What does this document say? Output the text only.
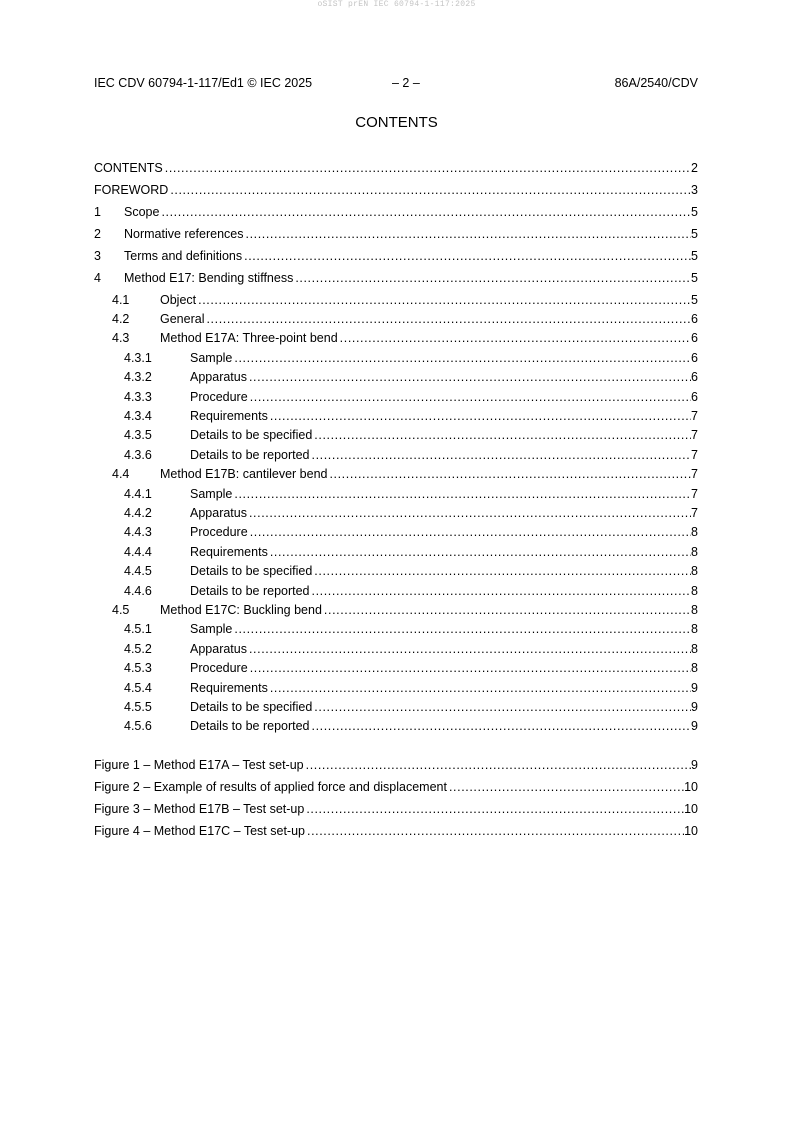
oSIST prEN IEC 60794-1-117:2025
IEC CDV 60794-1-117/Ed1 © IEC 2025	– 2 –	86A/2540/CDV
CONTENTS
CONTENTS .....	2
FOREWORD .....	3
1	Scope .....	5
2	Normative references .....	5
3	Terms and definitions .....	5
4	Method E17: Bending stiffness .....	5
4.1	Object .....	5
4.2	General .....	6
4.3	Method E17A: Three-point bend .....	6
4.3.1	Sample .....	6
4.3.2	Apparatus .....	6
4.3.3	Procedure .....	6
4.3.4	Requirements .....	7
4.3.5	Details to be specified .....	7
4.3.6	Details to be reported .....	7
4.4	Method E17B: cantilever bend .....	7
4.4.1	Sample .....	7
4.4.2	Apparatus .....	7
4.4.3	Procedure .....	8
4.4.4	Requirements .....	8
4.4.5	Details to be specified .....	8
4.4.6	Details to be reported .....	8
4.5	Method E17C: Buckling bend .....	8
4.5.1	Sample .....	8
4.5.2	Apparatus .....	8
4.5.3	Procedure .....	8
4.5.4	Requirements .....	9
4.5.5	Details to be specified .....	9
4.5.6	Details to be reported .....	9
Figure 1 – Method E17A – Test set-up .....	9
Figure 2 – Example of results of applied force and displacement .....	10
Figure 3 – Method E17B – Test set-up .....	10
Figure 4 – Method E17C – Test set-up .....	10
